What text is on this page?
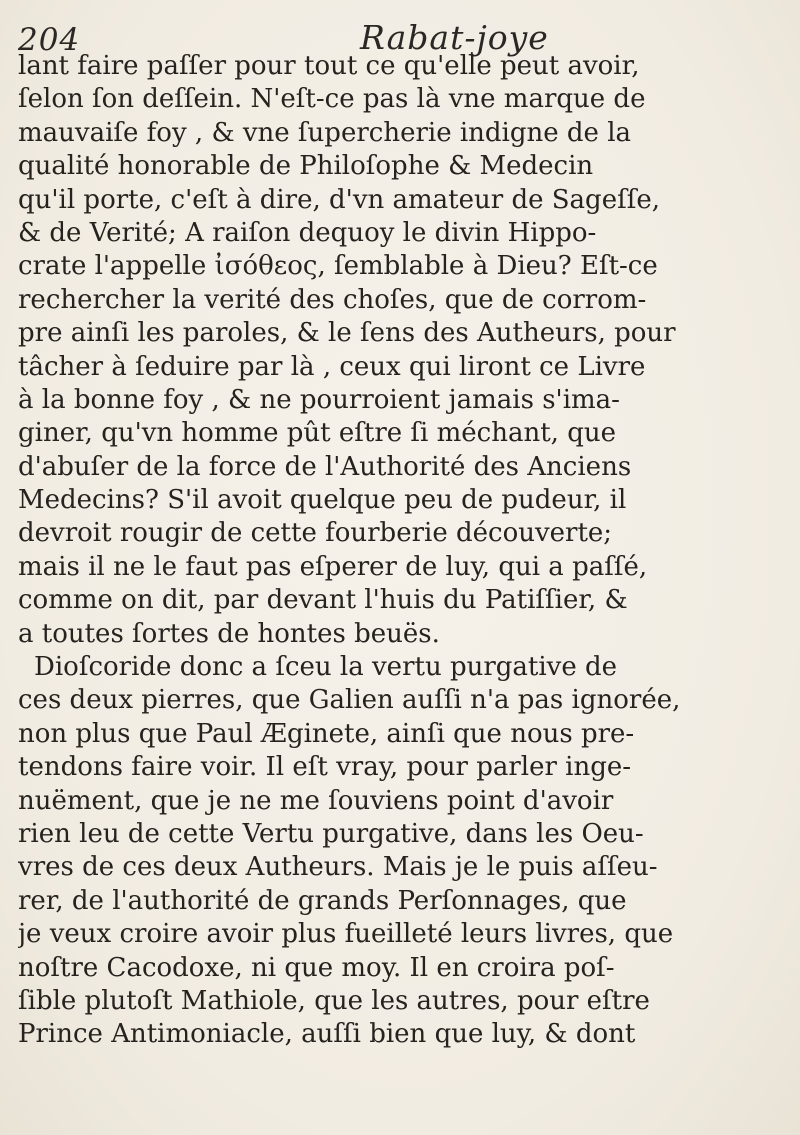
204	Rabat-joye
lant faire paſſer pour tout ce qu'elle peut avoir,
ſelon ſon deſſein. N'eſt-ce pas là vne marque de
mauvaiſe foy , & vne ſupercherie indigne de la
qualité honorable de Philoſophe & Medecin
qu'il porte, c'eſt à dire, d'vn amateur de Sageſſe,
& de Verité; A raiſon dequoy le divin Hippo-
crate l'appelle ἰσόθεος, ſemblable à Dieu? Eſt-ce
rechercher la verité des choſes, que de corrom-
pre ainſi les paroles, & le ſens des Autheurs, pour
tâcher à ſeduire par là , ceux qui liront ce Livre
à la bonne foy , & ne pourroient jamais s'ima-
giner, qu'vn homme pût eſtre ſi méchant, que
d'abuſer de la force de l'Authorité des Anciens
Medecins? S'il avoit quelque peu de pudeur, il
devroit rougir de cette fourberie découverte;
mais il ne le faut pas eſperer de luy, qui a paſſé,
comme on dit, par devant l'huis du Patiſſier, &
a toutes ſortes de hontes beuës.
Dioſcoride donc a ſceu la vertu purgative de
ces deux pierres, que Galien auſſi n'a pas ignorée,
non plus que Paul Æginete, ainſi que nous pre-
tendons faire voir. Il eſt vray, pour parler inge-
nuëment, que je ne me ſouviens point d'avoir
rien leu de cette Vertu purgative, dans les Oeu-
vres de ces deux Autheurs. Mais je le puis aſſeu-
rer, de l'authorité de grands Perſonnages, que
je veux croire avoir plus fueilleté leurs livres, que
noſtre Cacodoxe, ni que moy. Il en croira poſ-
ſible plutoſt Mathiole, que les autres, pour eſtre
Prince Antimoniacle, auſſi bien que luy, & dont
